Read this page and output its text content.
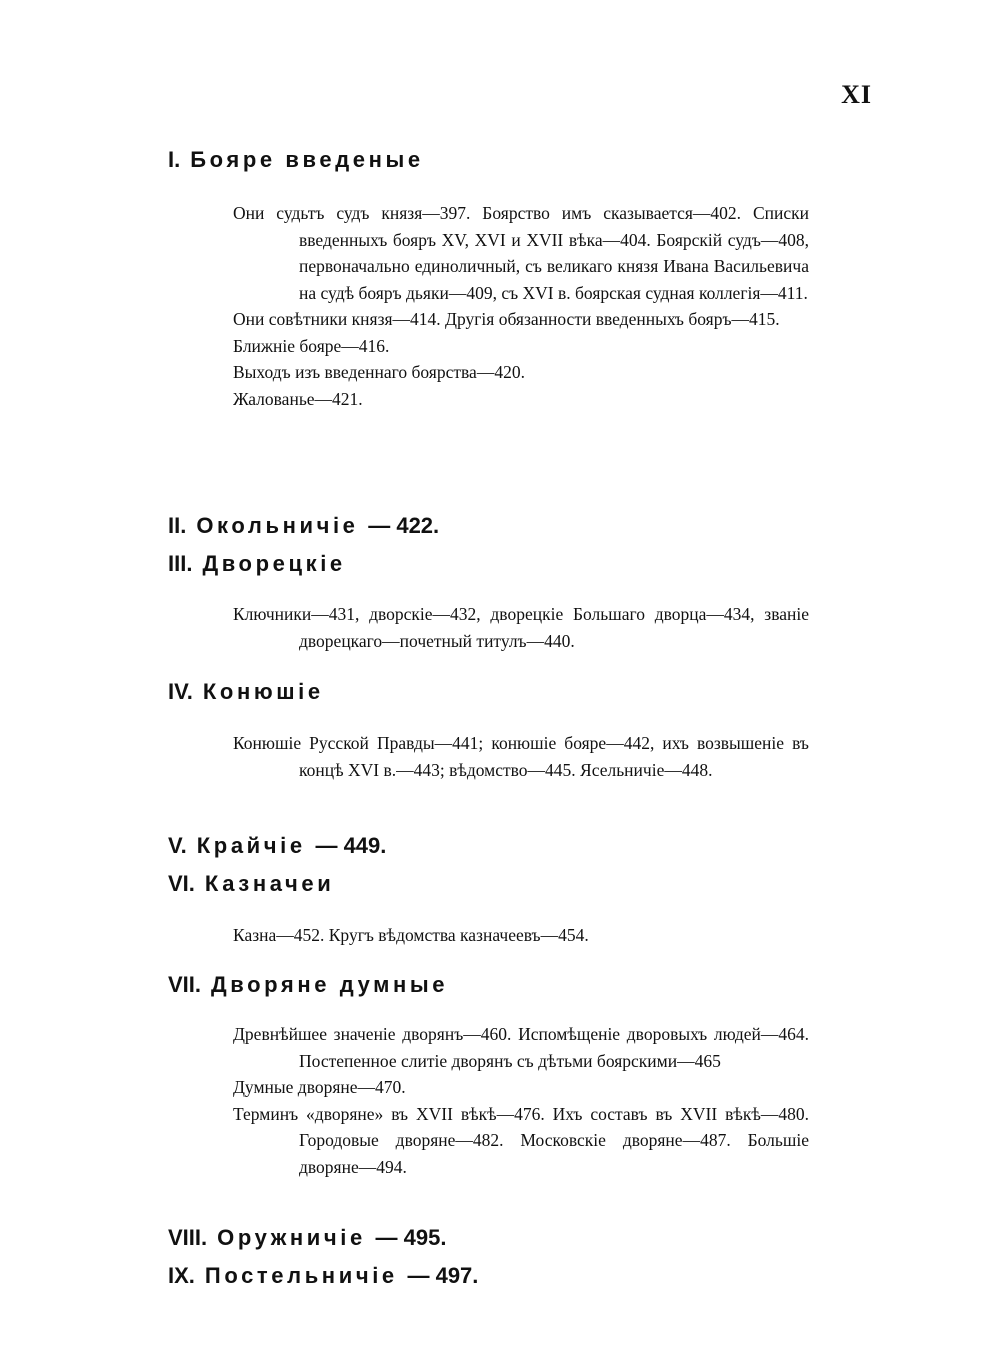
XI
I. Бояре введеные

Они судьтъ судъ князя—397. Боярство имъ сказывается—402. Списки введенныхъ бояръ XV, XVI и XVII вѣка—404. Боярскій судъ—408, первоначально единоличный, съ великаго князя Ивана Васильевича на судѣ бояръ дьяки—409, съ XVI в. боярская судная коллегія—411.

Они совѣтники князя—414. Другія обязанности введенныхъ бояръ—415.

Ближніе бояре—416.

Выходъ изъ введеннаго боярства—420.

Жалованье—421.

II. Окольничіе — 422.
III. Дворецкіе

Ключники—431, дворскіе—432, дворецкіе Большаго дворца—434, званіе дворецкаго—почетный титулъ—440.

IV. Конюшіе

Конюшіе Русской Правды—441; конюшіе бояре—442, ихъ возвышеніе въ концѣ XVI в.—443; вѣдомство—445. Ясельничіе—448.

V. Крайчіе — 449.
VI. Казначеи

Казна—452. Кругъ вѣдомства казначеевъ—454.

VII. Дворяне думные

Древнѣйшее значеніе дворянъ—460. Испомѣщеніе дворовыхъ людей—464. Постепенное слитіе дворянъ съ дѣтьми боярскими—465

Думные дворяне—470.

Терминъ «дворяне» въ XVII вѣкѣ—476. Ихъ составъ въ XVII вѣкѣ—480. Городовые дворяне—482. Московскіе дворяне—487. Большіе дворяне—494.

VIII. Оружничіе — 495.
IX. Постельничіе — 497.
